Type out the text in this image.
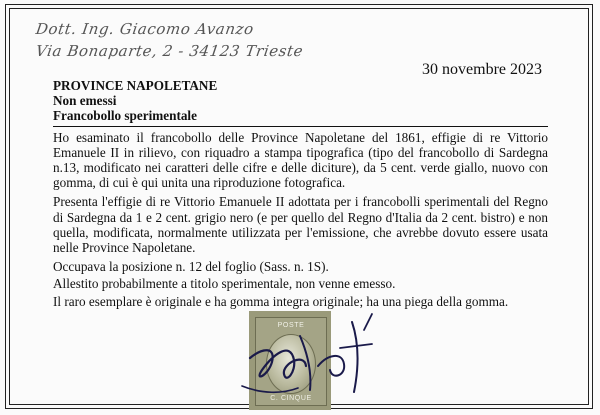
Dott. Ing. Giacomo Avanzo
Via Bonaparte, 2 - 34123 Trieste
30 novembre 2023

PROVINCE NAPOLETANE

Non emessi

Francobollo sperimentale

Ho esaminato il francobollo delle Province Napoletane del 1861, effigie di re Vittorio Emanuele II in rilievo, con riquadro a stampa tipografica (tipo del francobollo di Sardegna n.13, modificato nei caratteri delle cifre e delle diciture), da 5 cent. verde giallo, nuovo con gomma, di cui è qui unita una riproduzione fotografica.

Presenta l'effigie di re Vittorio Emanuele II adottata per i francobolli sperimentali del Regno di Sardegna da 1 e 2 cent. grigio nero (e per quello del Regno d'Italia da 2 cent. bistro) e non quella, modificata, normalmente utilizzata per l'emissione, che avrebbe dovuto essere usata nelle Province Napoletane.

Occupava la posizione n. 12 del foglio (Sass. n. 1S).

Allestito probabilmente a titolo sperimentale, non venne emesso.

Il raro esemplare è originale e ha gomma integra originale; ha una piega della gomma.

POSTE
C. CINQUE
